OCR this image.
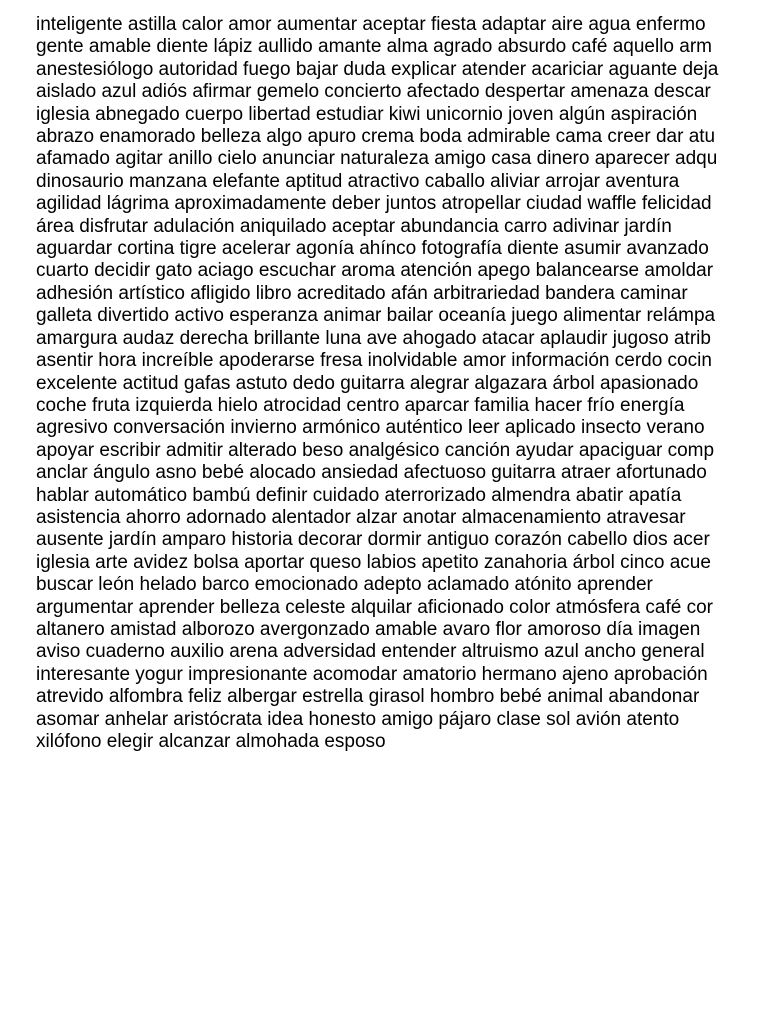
inteligente astilla calor amor aumentar aceptar fiesta adaptar aire agua enfermo
gente amable diente lápiz aullido amante alma agrado absurdo café aquello arm
anestesiólogo autoridad fuego bajar duda explicar atender acariciar aguante deja
aislado azul adiós afirmar gemelo concierto afectado despertar amenaza descar
iglesia abnegado cuerpo libertad estudiar kiwi unicornio joven algún aspiración
abrazo enamorado belleza algo apuro crema boda admirable cama creer dar atu
afamado agitar anillo cielo anunciar naturaleza amigo casa dinero aparecer adqu
dinosaurio manzana elefante aptitud atractivo caballo aliviar arrojar aventura
agilidad lágrima aproximadamente deber juntos atropellar ciudad waffle felicidad
área disfrutar adulación aniquilado aceptar abundancia carro adivinar jardín
aguardar cortina tigre acelerar agonía ahínco fotografía diente asumir avanzado
cuarto decidir gato aciago escuchar aroma atención apego balancearse amoldar
adhesión artístico afligido libro acreditado afán arbitrariedad bandera caminar
galleta divertido activo esperanza animar bailar oceanía juego alimentar relámpa
amargura audaz derecha brillante luna ave ahogado atacar aplaudir jugoso atrib
asentir hora increíble apoderarse fresa inolvidable amor información cerdo cocin
excelente actitud gafas astuto dedo guitarra alegrar algazara árbol apasionado
coche fruta izquierda hielo atrocidad centro aparcar familia hacer frío energía
agresivo conversación invierno armónico auténtico leer aplicado insecto verano
apoyar escribir admitir alterado beso analgésico canción ayudar apaciguar comp
anclar ángulo asno bebé alocado ansiedad afectuoso guitarra atraer afortunado
hablar automático bambú definir cuidado aterrorizado almendra abatir apatía
asistencia ahorro adornado alentador alzar anotar almacenamiento atravesar
ausente jardín amparo historia decorar dormir antiguo corazón cabello dios acer
iglesia arte avidez bolsa aportar queso labios apetito zanahoria árbol cinco acue
buscar león helado barco emocionado adepto aclamado atónito aprender
argumentar aprender belleza celeste alquilar aficionado color atmósfera café cor
altanero amistad alborozo avergonzado amable avaro flor amoroso día imagen
aviso cuaderno auxilio arena adversidad entender altruismo azul ancho general
interesante yogur impresionante acomodar amatorio hermano ajeno aprobación
atrevido alfombra feliz albergar estrella girasol hombro bebé animal abandonar
asomar anhelar aristócrata idea honesto amigo pájaro clase sol avión atento
xilófono elegir alcanzar almohada esposo
